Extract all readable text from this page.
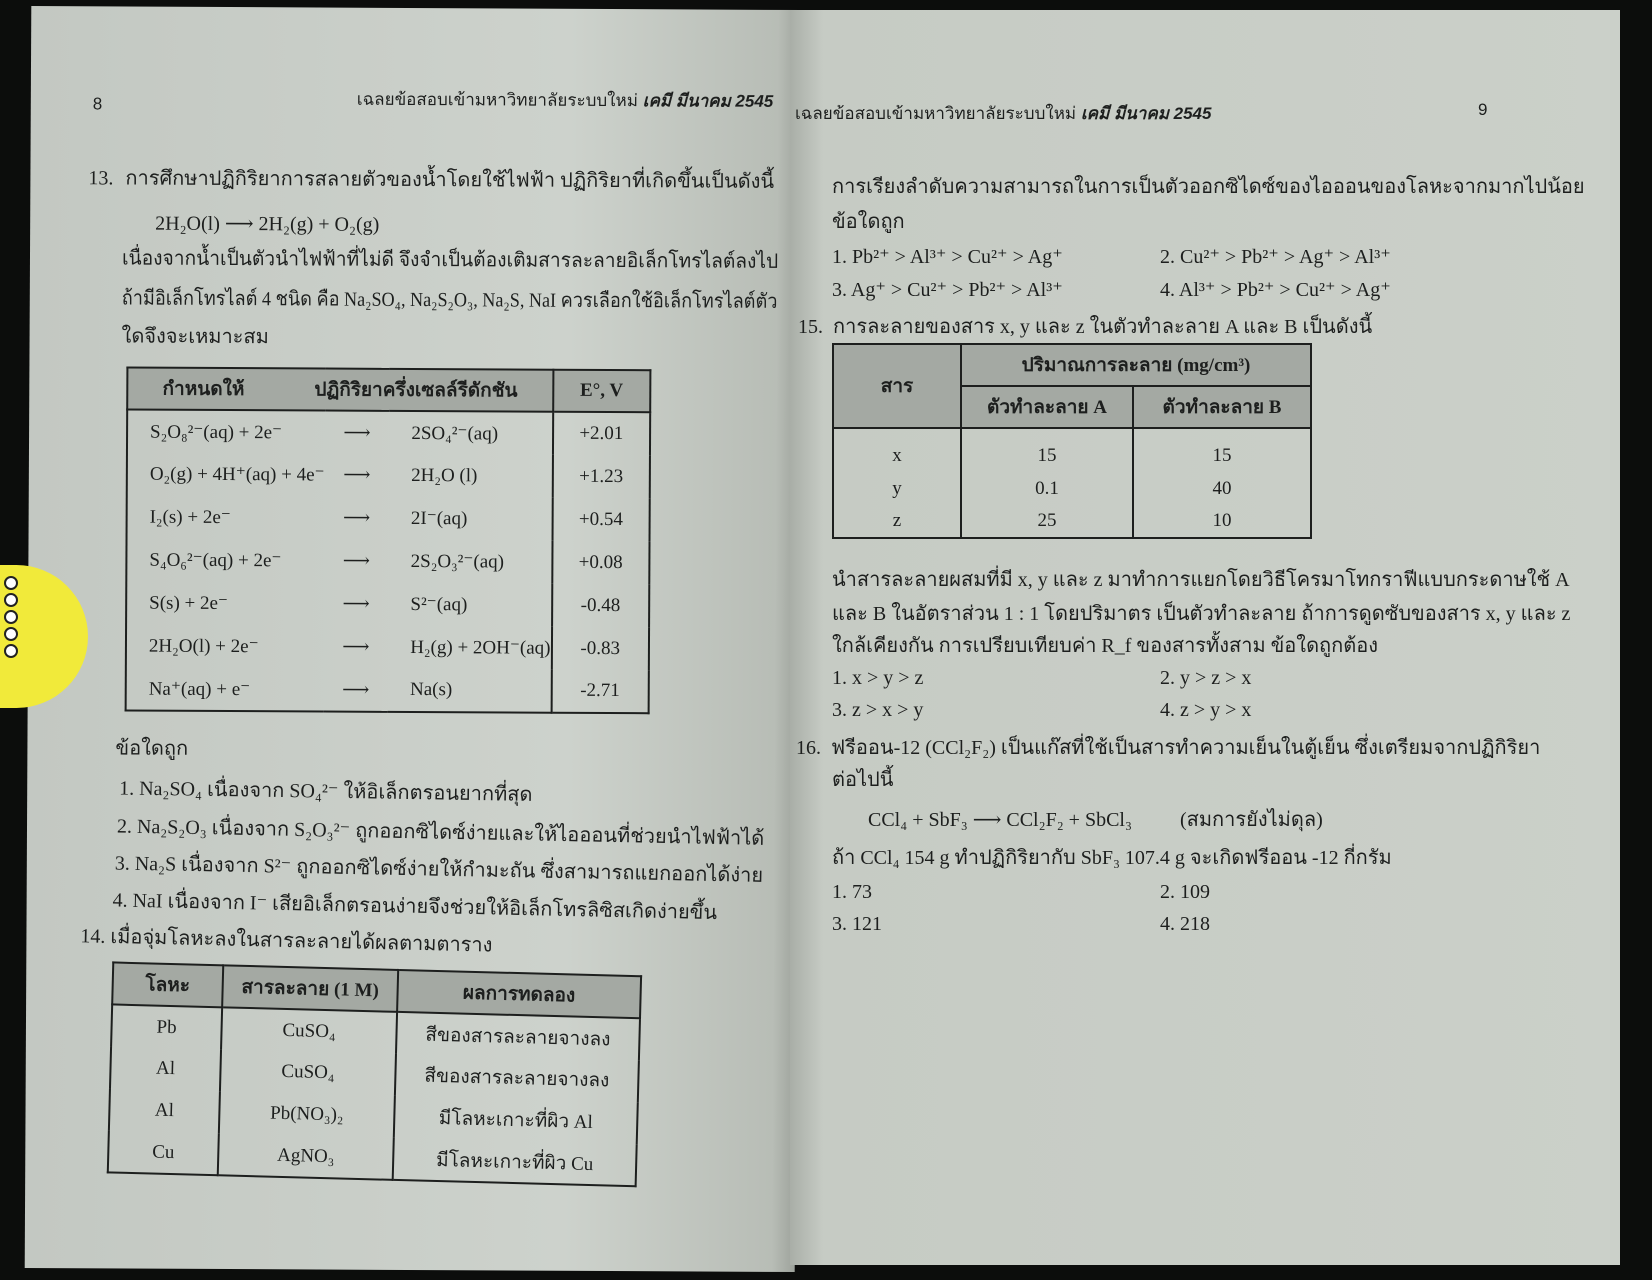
8	เฉลยข้อสอบเข้ามหาวิทยาลัยระบบใหม่ เคมี มีนาคม 2545
13. การศึกษาปฏิกิริยาการสลายตัวของน้ำโดยใช้ไฟฟ้า ปฏิกิริยาที่เกิดขึ้นเป็นดังนี้
2H₂O(l) ⟶ 2H₂(g) + O₂(g)
เนื่องจากน้ำเป็นตัวนำไฟฟ้าที่ไม่ดี จึงจำเป็นต้องเติมสารละลายอิเล็กโทรไลต์ลงไป
ถ้ามีอิเล็กโทรไลต์ 4 ชนิด คือ Na₂SO₄, Na₂S₂O₃, Na₂S, NaI ควรเลือกใช้อิเล็กโทรไลต์ตัว
ใดจึงจะเหมาะสม
กำหนดให้ ปฏิกิริยาครึ่งเซลล์รีดักชัน			E°, V
S₂O₈²⁻(aq) + 2e⁻	⟶	2SO₄²⁻(aq)	+2.01
O₂(g) + 4H⁺(aq) + 4e⁻	⟶	2H₂O (l)	+1.23
I₂(s) + 2e⁻	⟶	2I⁻(aq)	+0.54
S₄O₆²⁻(aq) + 2e⁻	⟶	2S₂O₃²⁻(aq)	+0.08
S(s) + 2e⁻	⟶	S²⁻(aq)	-0.48
2H₂O(l) + 2e⁻	⟶	H₂(g) + 2OH⁻(aq)	-0.83
Na⁺(aq) + e⁻	⟶	Na(s)	-2.71
ข้อใดถูก
1. Na₂SO₄ เนื่องจาก SO₄²⁻ ให้อิเล็กตรอนยากที่สุด
2. Na₂S₂O₃ เนื่องจาก S₂O₃²⁻ ถูกออกซิไดซ์ง่ายและให้ไอออนที่ช่วยนำไฟฟ้าได้
3. Na₂S เนื่องจาก S²⁻ ถูกออกซิไดซ์ง่ายให้กำมะถัน ซึ่งสามารถแยกออกได้ง่าย
4. NaI เนื่องจาก I⁻ เสียอิเล็กตรอนง่ายจึงช่วยให้อิเล็กโทรลิซิสเกิดง่ายขึ้น
14. เมื่อจุ่มโลหะลงในสารละลายได้ผลตามตาราง
โลหะ	สารละลาย (1 M)	ผลการทดลอง
Pb	CuSO₄	สีของสารละลายจางลง
Al	CuSO₄	สีของสารละลายจางลง
Al	Pb(NO₃)₂	มีโลหะเกาะที่ผิว Al
Cu	AgNO₃	มีโลหะเกาะที่ผิว Cu
เฉลยข้อสอบเข้ามหาวิทยาลัยระบบใหม่ เคมี มีนาคม 2545	9
การเรียงลำดับความสามารถในการเป็นตัวออกซิไดซ์ของไอออนของโลหะจากมากไปน้อย
ข้อใดถูก
1. Pb²⁺ > Al³⁺ > Cu²⁺ > Ag⁺	2. Cu²⁺ > Pb²⁺ > Ag⁺ > Al³⁺
3. Ag⁺ > Cu²⁺ > Pb²⁺ > Al³⁺	4. Al³⁺ > Pb²⁺ > Cu²⁺ > Ag⁺
15. การละลายของสาร x, y และ z ในตัวทำละลาย A และ B เป็นดังนี้
สาร	ปริมาณการละลาย (mg/cm³)	
	ตัวทำละลาย A	ตัวทำละลาย B
x	15	15
y	0.1	40
z	25	10
นำสารละลายผสมที่มี x, y และ z มาทำการแยกโดยวิธีโครมาโทกราฟีแบบกระดาษใช้ A
และ B ในอัตราส่วน 1 : 1 โดยปริมาตร เป็นตัวทำละลาย ถ้าการดูดซับของสาร x, y และ z
ใกล้เคียงกัน การเปรียบเทียบค่า R_f ของสารทั้งสาม ข้อใดถูกต้อง
1. x > y > z	2. y > z > x
3. z > x > y	4. z > y > x
16. ฟรีออน-12 (CCl₂F₂) เป็นแก๊สที่ใช้เป็นสารทำความเย็นในตู้เย็น ซึ่งเตรียมจากปฏิกิริยา
ต่อไปนี้
CCl₄ + SbF₃ ⟶ CCl₂F₂ + SbCl₃ (สมการยังไม่ดุล)
ถ้า CCl₄ 154 g ทำปฏิกิริยากับ SbF₃ 107.4 g จะเกิดฟรีออน -12 กี่กรัม
1. 73	2. 109
3. 121	4. 218
